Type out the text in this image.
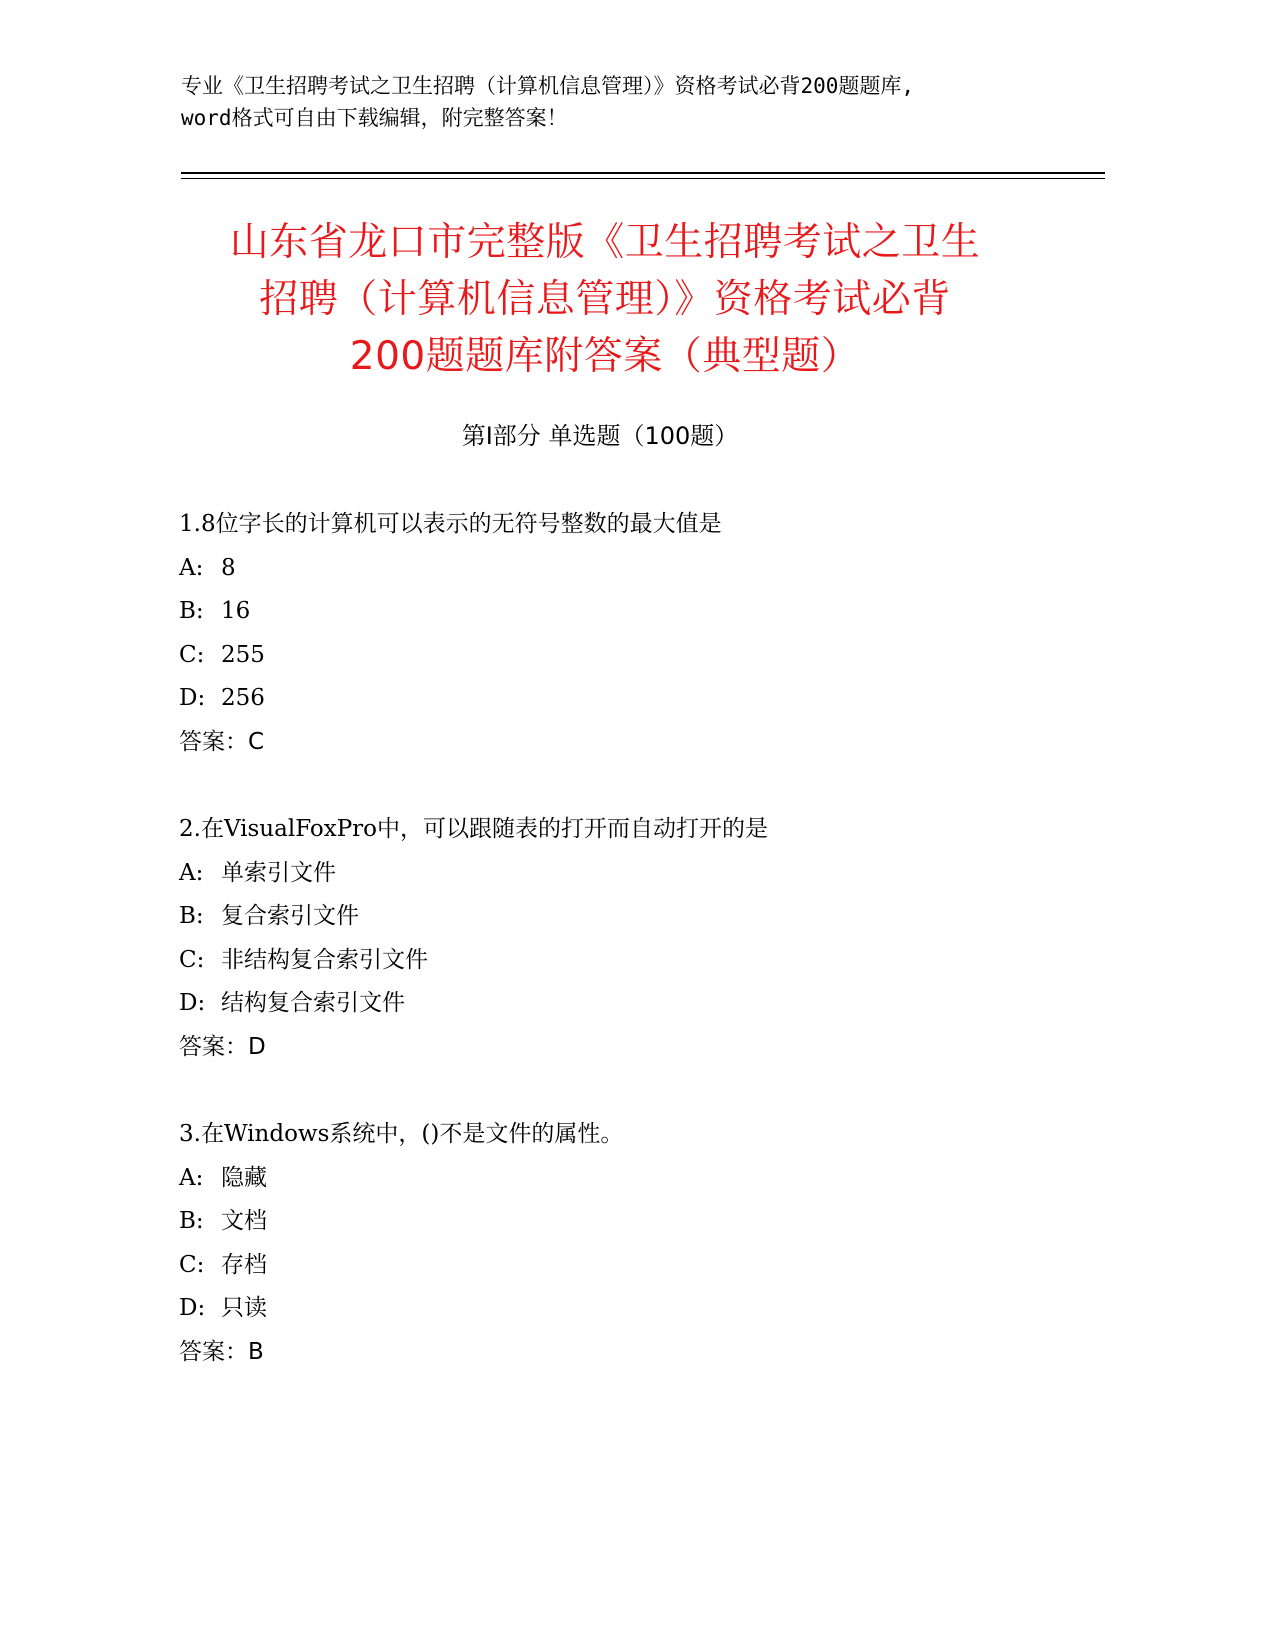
专业《卫生招聘考试之卫生招聘（计算机信息管理）》资格考试必背200题题库,
word格式可自由下载编辑，附完整答案！
山东省龙口市完整版《卫生招聘考试之卫生
招聘（计算机信息管理）》资格考试必背
200题题库附答案（典型题）
第Ⅰ部分 单选题（100题）
1.8位字长的计算机可以表示的无符号整数的最大值是
A: 8
B: 16
C: 255
D: 256
答案：C
2.在VisualFoxPro中，可以跟随表的打开而自动打开的是
A: 单索引文件
B: 复合索引文件
C: 非结构复合索引文件
D: 结构复合索引文件
答案：D
3.在Windows系统中，()不是文件的属性。
A: 隐藏
B: 文档
C: 存档
D: 只读
答案：B
